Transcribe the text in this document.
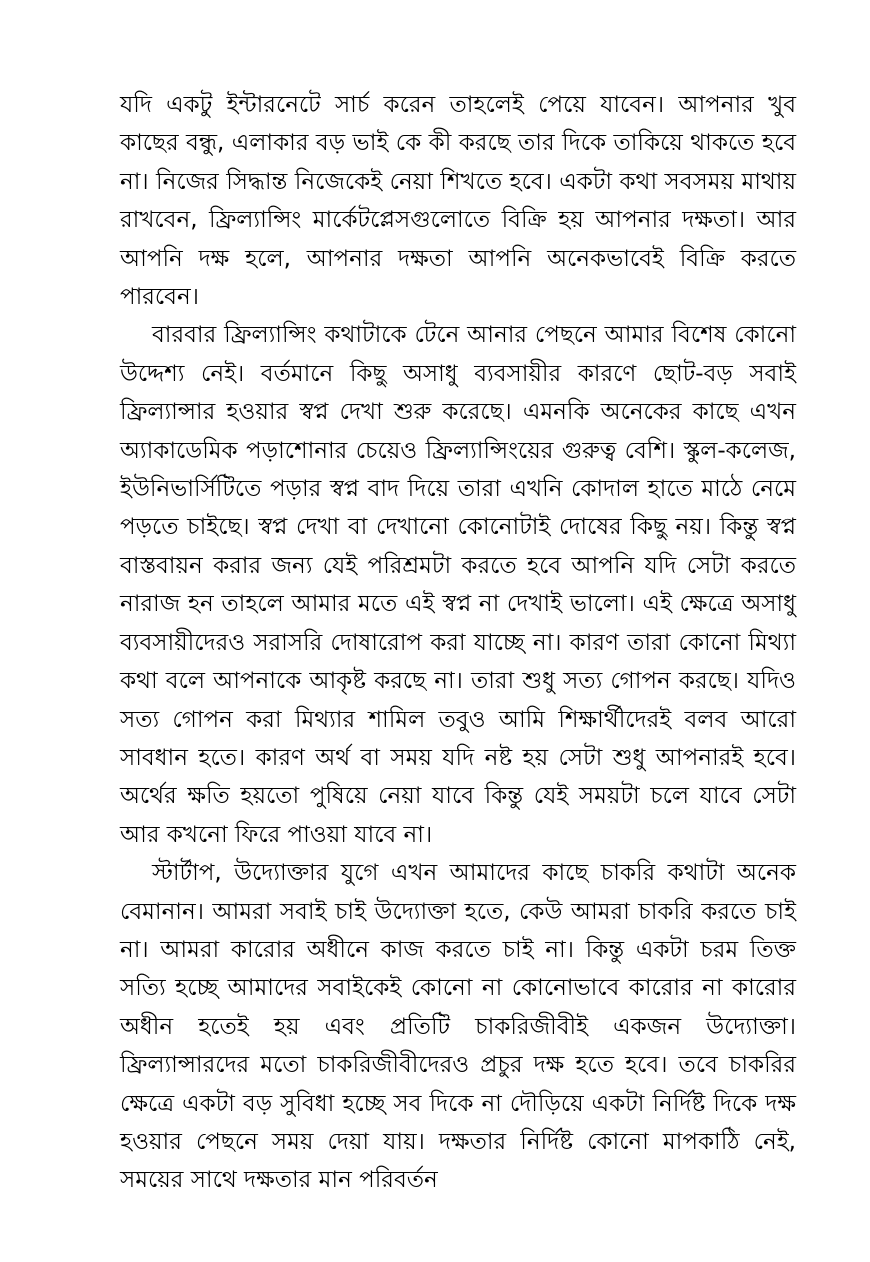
যদি একটু ইন্টারনেটে সার্চ করেন তাহলেই পেয়ে যাবেন। আপনার খুব কাছের বন্ধু, এলাকার বড় ভাই কে কী করছে তার দিকে তাকিয়ে থাকতে হবে না। নিজের সিদ্ধান্ত নিজেকেই নেয়া শিখতে হবে। একটা কথা সবসময় মাথায় রাখবেন, ফ্রিল্যান্সিং মার্কেটপ্লেসগুলোতে বিক্রি হয় আপনার দক্ষতা। আর আপনি দক্ষ হলে, আপনার দক্ষতা আপনি অনেকভাবেই বিক্রি করতে পারবেন।

বারবার ফ্রিল্যান্সিং কথাটাকে টেনে আনার পেছনে আমার বিশেষ কোনো উদ্দেশ্য নেই। বর্তমানে কিছু অসাধু ব্যবসায়ীর কারণে ছোট-বড় সবাই ফ্রিল্যান্সার হওয়ার স্বপ্ন দেখা শুরু করেছে। এমনকি অনেকের কাছে এখন অ্যাকাডেমিক পড়াশোনার চেয়েও ফ্রিল্যান্সিংয়ের গুরুত্ব বেশি। স্কুল-কলেজ, ইউনিভার্সিটিতে পড়ার স্বপ্ন বাদ দিয়ে তারা এখনি কোদাল হাতে মাঠে নেমে পড়তে চাইছে। স্বপ্ন দেখা বা দেখানো কোনোটাই দোষের কিছু নয়। কিন্তু স্বপ্ন বাস্তবায়ন করার জন্য যেই পরিশ্রমটা করতে হবে আপনি যদি সেটা করতে নারাজ হন তাহলে আমার মতে এই স্বপ্ন না দেখাই ভালো। এই ক্ষেত্রে অসাধু ব্যবসায়ীদেরও সরাসরি দোষারোপ করা যাচ্ছে না। কারণ তারা কোনো মিথ্যা কথা বলে আপনাকে আকৃষ্ট করছে না। তারা শুধু সত্য গোপন করছে। যদিও সত্য গোপন করা মিথ্যার শামিল তবুও আমি শিক্ষার্থীদেরই বলব আরো সাবধান হতে। কারণ অর্থ বা সময় যদি নষ্ট হয় সেটা শুধু আপনারই হবে। অর্থের ক্ষতি হয়তো পুষিয়ে নেয়া যাবে কিন্তু যেই সময়টা চলে যাবে সেটা আর কখনো ফিরে পাওয়া যাবে না।

স্টার্টাপ, উদ্যোক্তার যুগে এখন আমাদের কাছে চাকরি কথাটা অনেক বেমানান। আমরা সবাই চাই উদ্যোক্তা হতে, কেউ আমরা চাকরি করতে চাই না। আমরা কারোর অধীনে কাজ করতে চাই না। কিন্তু একটা চরম তিক্ত সত্যি হচ্ছে আমাদের সবাইকেই কোনো না কোনোভাবে কারোর না কারোর অধীন হতেই হয় এবং প্রতিটি চাকরিজীবীই একজন উদ্যোক্তা। ফ্রিল্যান্সারদের মতো চাকরিজীবীদেরও প্রচুর দক্ষ হতে হবে। তবে চাকরির ক্ষেত্রে একটা বড় সুবিধা হচ্ছে সব দিকে না দৌড়িয়ে একটা নির্দিষ্ট দিকে দক্ষ হওয়ার পেছনে সময় দেয়া যায়। দক্ষতার নির্দিষ্ট কোনো মাপকাঠি নেই, সময়ের সাথে দক্ষতার মান পরিবর্তন
